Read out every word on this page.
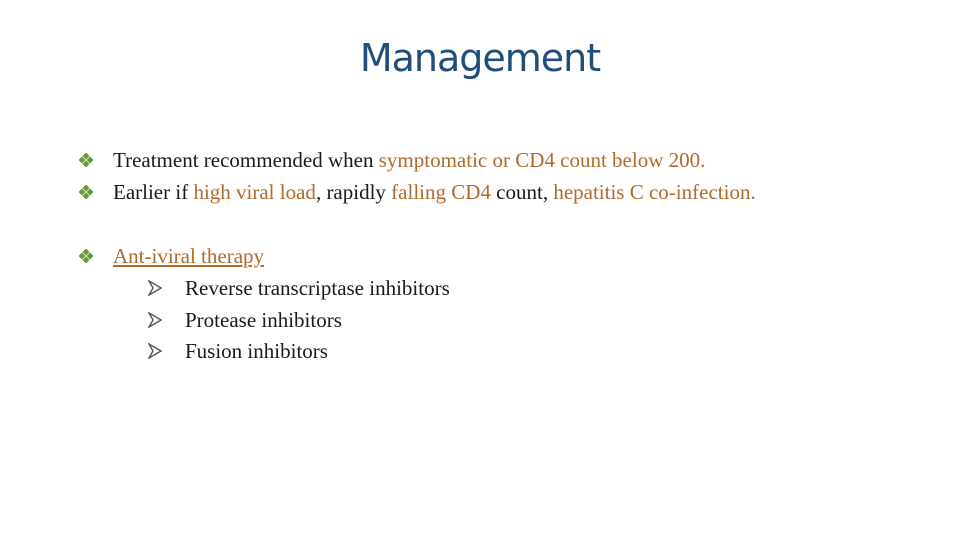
Management
Treatment recommended when symptomatic or CD4 count below 200.
Earlier if high viral load, rapidly falling CD4 count, hepatitis C co-infection.
Ant-iviral therapy
Reverse transcriptase inhibitors
Protease inhibitors
Fusion inhibitors
